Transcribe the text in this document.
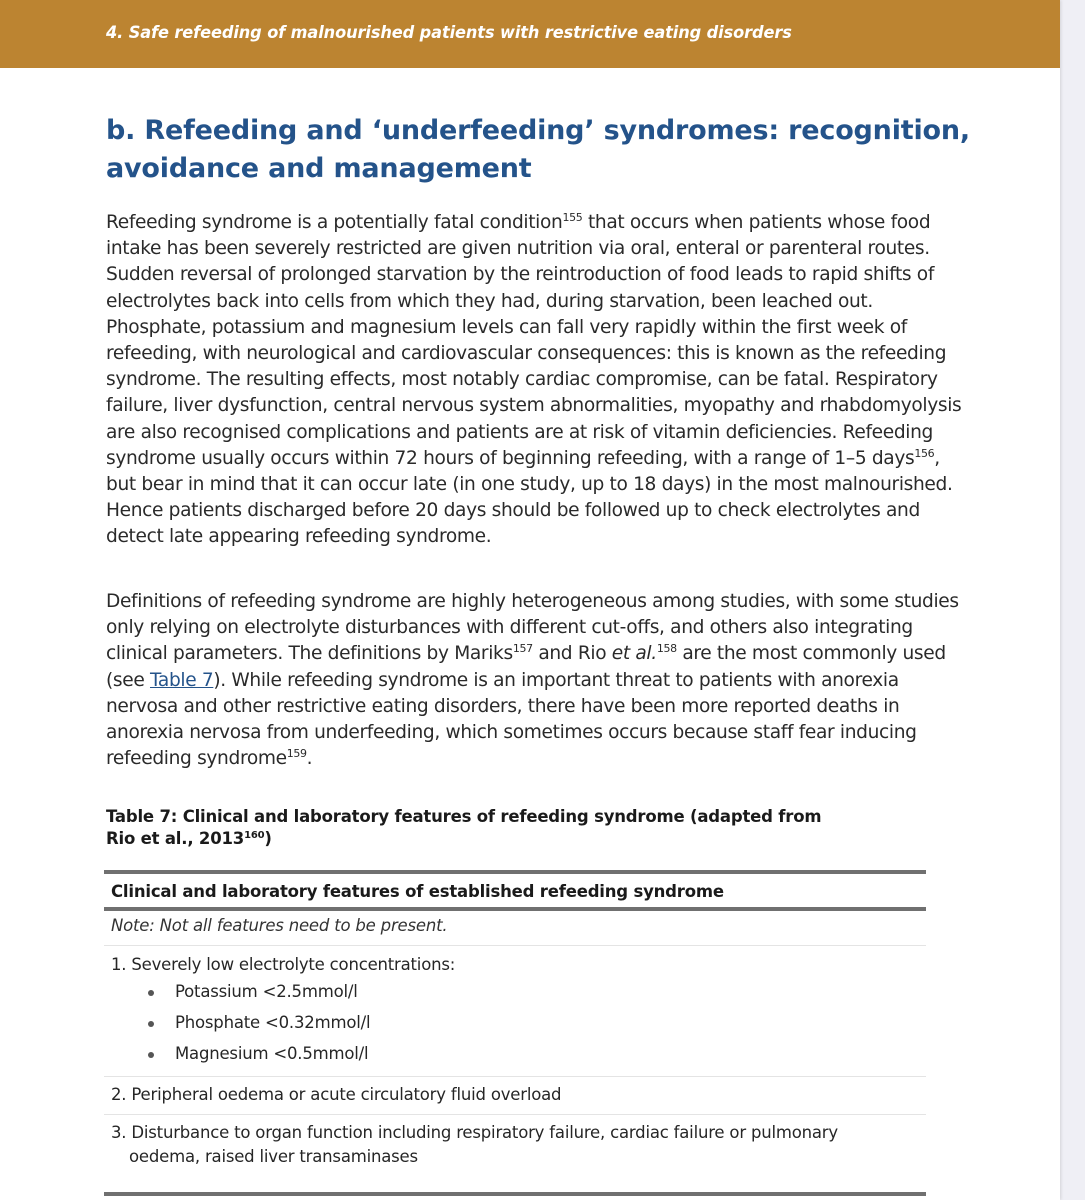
4. Safe refeeding of malnourished patients with restrictive eating disorders
b. Refeeding and ‘underfeeding’ syndromes: recognition,
avoidance and management

Refeeding syndrome is a potentially fatal condition$^{155}$ that occurs when patients whose food intake has been severely restricted are given nutrition via oral, enteral or parenteral routes. Sudden reversal of prolonged starvation by the reintroduction of food leads to rapid shifts of electrolytes back into cells from which they had, during starvation, been leached out. Phosphate, potassium and magnesium levels can fall very rapidly within the first week of refeeding, with neurological and cardiovascular consequences: this is known as the refeeding syndrome. The resulting effects, most notably cardiac compromise, can be fatal. Respiratory failure, liver dysfunction, central nervous system abnormalities, myopathy and rhabdomyolysis are also recognised complications and patients are at risk of vitamin deficiencies. Refeeding syndrome usually occurs within 72 hours of beginning refeeding, with a range of 1–5 days$^{156}$, but bear in mind that it can occur late (in one study, up to 18 days) in the most malnourished. Hence patients discharged before 20 days should be followed up to check electrolytes and detect late appearing refeeding syndrome.

Definitions of refeeding syndrome are highly heterogeneous among studies, with some studies only relying on electrolyte disturbances with different cut-offs, and others also integrating clinical parameters. The definitions by Mariks$^{157}$ and Rio et al.$^{158}$ are the most commonly used (see Table 7). While refeeding syndrome is an important threat to patients with anorexia nervosa and other restrictive eating disorders, there have been more reported deaths in anorexia nervosa from underfeeding, which sometimes occurs because staff fear inducing refeeding syndrome$^{159}$.

Table 7: Clinical and laboratory features of refeeding syndrome (adapted from
Rio et al., 2013$^{160}$)
Clinical and laboratory features of established refeeding syndrome
Note: Not all features need to be present.
1. Severely low electrolyte concentrations:
Potassium <2.5mmol/l
Phosphate <0.32mmol/l
Magnesium <0.5mmol/l
2. Peripheral oedema or acute circulatory fluid overload
3. Disturbance to organ function including respiratory failure, cardiac failure or pulmonary
oedema, raised liver transaminases
